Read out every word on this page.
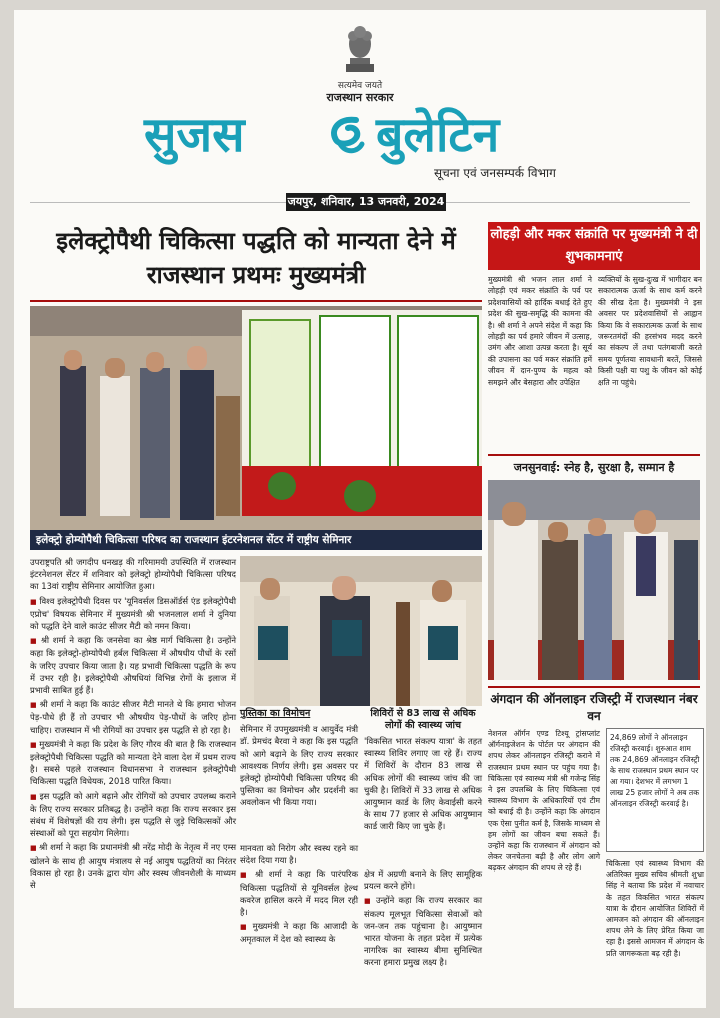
सत्यमेव जयते
राजस्थान सरकार
सुजस	बुलेटिन
सूचना एवं जनसम्पर्क विभाग
जयपुर, शनिवार, 13 जनवरी, 2024
इलेक्ट्रोपैथी चिकित्सा पद्धति को मान्यता देने में राजस्थान प्रथमः मुख्यमंत्री
इलेक्ट्रो होम्योपैथी चिकित्सा परिषद का राजस्थान इंटरनेशनल सेंटर में राष्ट्रीय सेमिनार

उपराष्ट्रपति श्री जगदीप धनखड़ की गरिमामयी उपस्थिति में राजस्थान इंटरनेशनल सेंटर में शनिवार को इलेक्ट्रो होम्योपैथी चिकित्सा परिषद का 13वां राष्ट्रीय सेमिनार आयोजित हुआ।

■ विश्व इलेक्ट्रोपैथी दिवस पर 'यूनिवर्सल डिसऑर्डर्स एंड इलेक्ट्रोपैथी एप्रोच' विषयक सेमिनार में मुख्यमंत्री श्री भजनलाल शर्मा ने दुनिया को पद्धति देने वाले काउंट सीजर मैटी को नमन किया।

■ श्री शर्मा ने कहा कि जनसेवा का श्रेष्ठ मार्ग चिकित्सा है। उन्होंने कहा कि इलेक्ट्रो-होम्योपैथी हर्बल चिकित्सा में औषधीय पौधों के रसों के जरिए उपचार किया जाता है। यह प्रभावी चिकित्सा पद्धति के रूप में उभर रही है। इलेक्ट्रोपैथी औषधियां विभिन्न रोगों के इलाज में प्रभावी साबित हुई हैं।

■ श्री शर्मा ने कहा कि काउंट सीजर मैटी मानते थे कि हमारा भोजन पेड़-पौधे ही हैं तो उपचार भी औषधीय पेड़-पौधों के जरिए होना चाहिए। राजस्थान में भी रोगियों का उपचार इस पद्धति से हो रहा है।

■ मुख्यमंत्री ने कहा कि प्रदेश के लिए गौरव की बात है कि राजस्थान इलेक्ट्रोपैथी चिकित्सा पद्धति को मान्यता देने वाला देश में प्रथम राज्य है। सबसे पहले राजस्थान विधानसभा ने राजस्थान इलेक्ट्रोपैथी चिकित्सा पद्धति विधेयक, 2018 पारित किया।

■ इस पद्धति को आगे बढ़ाने और रोगियों को उपचार उपलब्ध कराने के लिए राज्य सरकार प्रतिबद्ध है। उन्होंने कहा कि राज्य सरकार इस संबंध में विशेषज्ञों की राय लेगी। इस पद्धति से जुड़े चिकित्सकों और संस्थाओं को पूरा सहयोग मिलेगा।

■ श्री शर्मा ने कहा कि प्रधानमंत्री श्री नरेंद्र मोदी के नेतृत्व में नए एम्स खोलने के साथ ही आयुष मंत्रालय से नई आयुष पद्धतियों का निरंतर विकास हो रहा है। उनके द्वारा योग और स्वस्थ जीवनशैली के माध्यम से

पुस्तिका का विमोचन

सेमिनार में उपमुख्यमंत्री व आयुर्वेद मंत्री डॉ. प्रेमचंद बैरवा ने कहा कि इस पद्धति को आगे बढ़ाने के लिए राज्य सरकार आवश्यक निर्णय लेगी। इस अवसर पर इलेक्ट्रो होम्योपैथी चिकित्सा परिषद की पुस्तिका का विमोचन और प्रदर्शनी का अवलोकन भी किया गया।

मानवता को निरोग और स्वस्थ रहने का संदेश दिया गया है।

■ श्री शर्मा ने कहा कि पारंपरिक चिकित्सा पद्धतियों से यूनिवर्सल हेल्थ कवरेज हासिल करने में मदद मिल रही है।

■ मुख्यमंत्री ने कहा कि आजादी के अमृतकाल में देश को स्वास्थ्य के

शिविरों से 83 लाख से अधिक लोगों की स्वास्थ्य जांच

'विकसित भारत संकल्प यात्रा' के तहत स्वास्थ्य शिविर लगाए जा रहे हैं। राज्य में शिविरों के दौरान 83 लाख से अधिक लोगों की स्वास्थ्य जांच की जा चुकी है। शिविरों में 33 लाख से अधिक आयुष्मान कार्ड के लिए केवाईसी करने के साथ 77 हजार से अधिक आयुष्मान कार्ड जारी किए जा चुके हैं।

क्षेत्र में अग्रणी बनाने के लिए सामूहिक प्रयत्न करने होंगे।

■ उन्होंने कहा कि राज्य सरकार का संकल्प मूलभूत चिकित्सा सेवाओं को जन-जन तक पहुंचाना है। आयुष्मान भारत योजना के तहत प्रदेश में प्रत्येक नागरिक का स्वास्थ्य बीमा सुनिश्चित करना हमारा प्रमुख लक्ष्य है।

लोहड़ी और मकर संक्रांति पर मुख्यमंत्री ने दी शुभकामनाएं
मुख्यमंत्री श्री भजन लाल शर्मा ने लोहड़ी एवं मकर संक्रांति के पर्व पर प्रदेशवासियों को हार्दिक बधाई देते हुए प्रदेश की सुख-समृद्धि की कामना की है। श्री शर्मा ने अपने संदेश में कहा कि लोहड़ी का पर्व हमारे जीवन में उत्साह, उमंग और आशा उत्पन्न करता है। सूर्य की उपासना का पर्व मकर संक्रांति हमें जीवन में दान-पुण्य के महत्व को समझने और बेसहारा और उपेक्षित
व्यक्तियों के सुख-दुःख में भागीदार बन सकारात्मक ऊर्जा के साथ कर्म करने की सीख देता है। मुख्यमंत्री ने इस अवसर पर प्रदेशवासियों से आह्वान किया कि वे सकारात्मक ऊर्जा के साथ जरूरतमंदों की हरसंभव मदद करने का संकल्प लें तथा पतंगबाजी करते समय पूर्णतया सावधानी बरतें, जिससे किसी पक्षी या पशु के जीवन को कोई क्षति ना पहुंचे।
जनसुनवाई: स्नेह है, सुरक्षा है, सम्मान है
अंगदान की ऑनलाइन रजिस्ट्री में राजस्थान नंबर वन
नेशनल ऑर्गन एण्ड टिश्यू ट्रांसप्लांट ऑर्गनाइजेशन के पोर्टल पर अंगदान की शपथ लेकर ऑनलाइन रजिस्ट्री कराने में राजस्थान प्रथम स्थान पर पहुंच गया है। चिकित्सा एवं स्वास्थ्य मंत्री श्री गजेन्द्र सिंह ने इस उपलब्धि के लिए चिकित्सा एवं स्वास्थ्य विभाग के अधिकारियों एवं टीम को बधाई दी है। उन्होंने कहा कि अंगदान एक ऐसा पुनीत कर्म है, जिसके माध्यम से हम लोगों का जीवन बचा सकते हैं। उन्होंने कहा कि राजस्थान में अंगदान को लेकर जनचेतना बढ़ी है और लोग आगे बढ़कर अंगदान की शपथ ले रहे हैं।
24,869 लोगों ने ऑनलाइन रजिस्ट्री करवाई। शुरुआत शाम तक 24,869 ऑनलाइन रजिस्ट्री के साथ राजस्थान प्रथम स्थान पर आ गया। देशभर में लगभग 1 लाख 25 हजार लोगों ने अब तक ऑनलाइन रजिस्ट्री करवाई है।
चिकित्सा एवं स्वास्थ्य विभाग की अतिरिक्त मुख्य सचिव श्रीमती शुभ्रा सिंह ने बताया कि प्रदेश में नवाचार के तहत विकसित भारत संकल्प यात्रा के दौरान आयोजित शिविरों में आमजन को अंगदान की ऑनलाइन शपथ लेने के लिए प्रेरित किया जा रहा है। इससे आमजन में अंगदान के प्रति जागरूकता बढ़ रही है।
